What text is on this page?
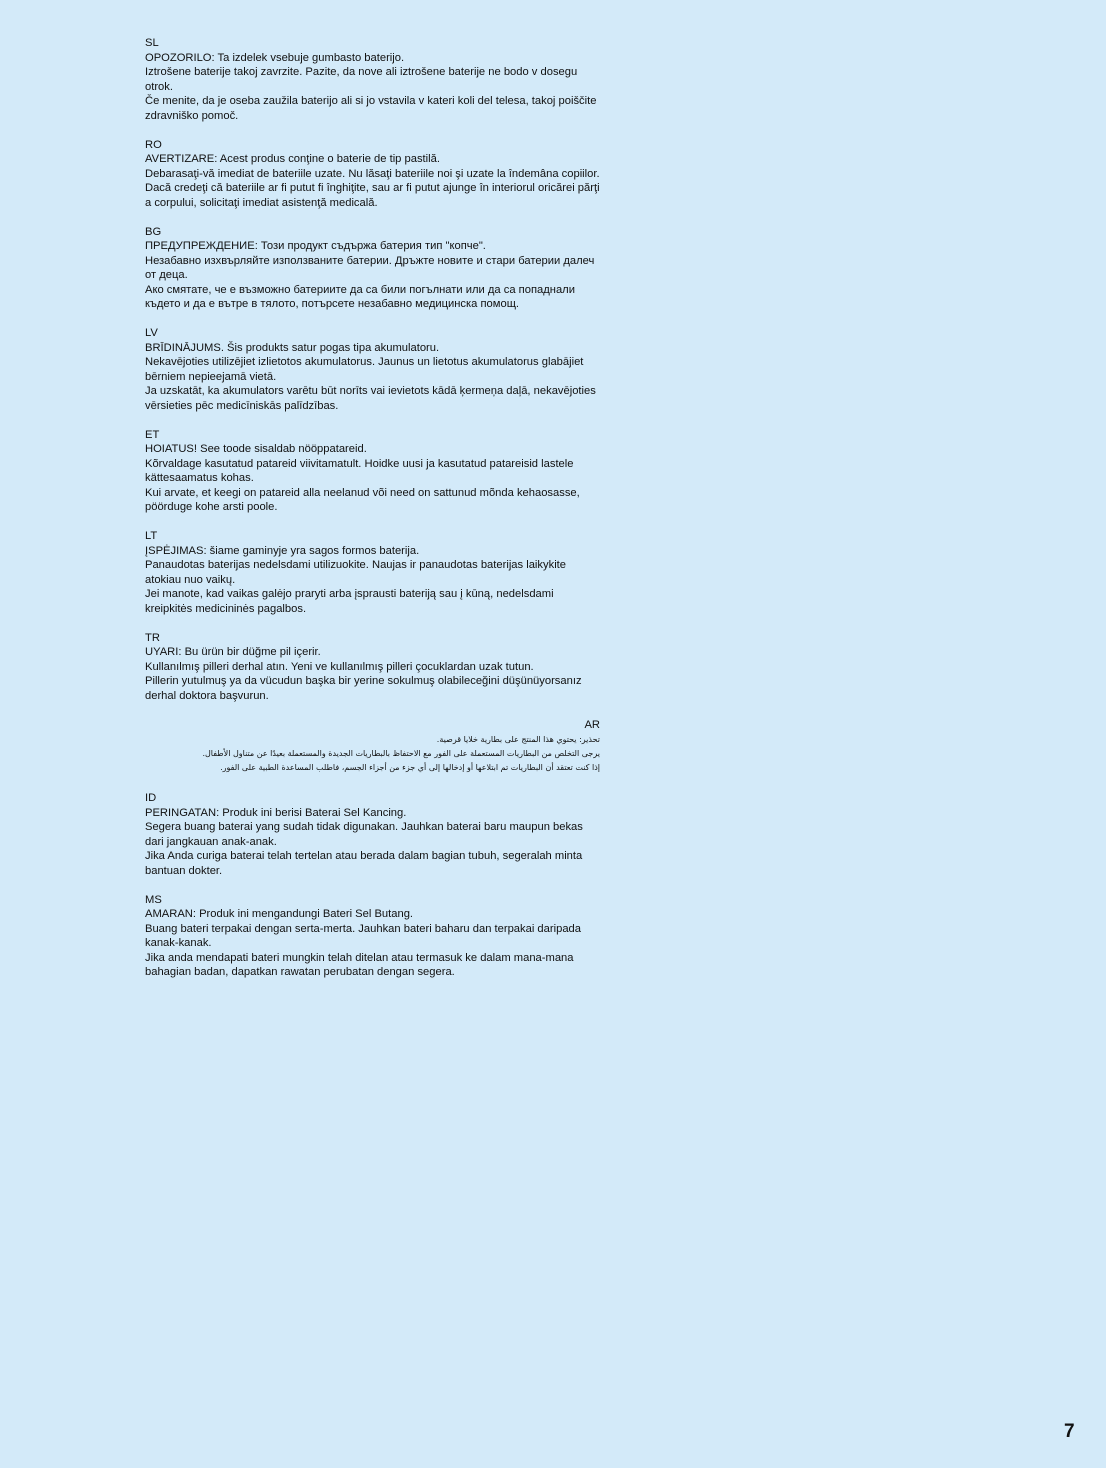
SL

OPOZORILO: Ta izdelek vsebuje gumbasto baterijo.

Iztrošene baterije takoj zavrzite. Pazite, da nove ali iztrošene baterije ne bodo v dosegu otrok.

Če menite, da je oseba zaužila baterijo ali si jo vstavila v kateri koli del telesa, takoj poiščite zdravniško pomoč.

RO

AVERTIZARE: Acest produs conţine o baterie de tip pastilă.

Debarasaţi-vă imediat de bateriile uzate. Nu lăsaţi bateriile noi şi uzate la îndemâna copiilor.

Dacă credeţi că bateriile ar fi putut fi înghiţite, sau ar fi putut ajunge în interiorul oricărei părţi a corpului, solicitaţi imediat asistenţă medicală.

BG

ПРЕДУПРЕЖДЕНИЕ: Този продукт съдържа батерия тип "копче".

Незабавно изхвърляйте използваните батерии. Дръжте новите и стари батерии далеч от деца.

Ако смятате, че е възможно батериите да са били погълнати или да са попаднали където и да е вътре в тялото, потърсете незабавно медицинска помощ.

LV

BRĪDINĀJUMS. Šis produkts satur pogas tipa akumulatoru.

Nekavējoties utilizējiet izlietotos akumulatorus. Jaunus un lietotus akumulatorus glabājiet bērniem nepieejamā vietā.

Ja uzskatāt, ka akumulators varētu būt norīts vai ievietots kādā ķermeņa daļā, nekavējoties vērsieties pēc medicīniskās palīdzības.

ET

HOIATUS! See toode sisaldab nööppatareid.

Kõrvaldage kasutatud patareid viivitamatult. Hoidke uusi ja kasutatud patareisid lastele kättesaamatus kohas.

Kui arvate, et keegi on patareid alla neelanud või need on sattunud mõnda kehaosasse, pöörduge kohe arsti poole.

LT

ĮSPĖJIMAS: šiame gaminyje yra sagos formos baterija.

Panaudotas baterijas nedelsdami utilizuokite. Naujas ir panaudotas baterijas laikykite atokiau nuo vaikų.

Jei manote, kad vaikas galėjo praryti arba įsprausti bateriją sau į kūną, nedelsdami kreipkitės medicininės pagalbos.

TR

UYARI: Bu ürün bir düğme pil içerir.

Kullanılmış pilleri derhal atın. Yeni ve kullanılmış pilleri çocuklardan uzak tutun.

Pillerin yutulmuş ya da vücudun başka bir yerine sokulmuş olabileceğini düşünüyorsanız derhal doktora başvurun.

AR

تحذير: يحتوي هذا المنتج على بطارية خلايا قرصية.

يرجى التخلص من البطاريات المستعملة على الفور مع الاحتفاظ بالبطاريات الجديدة والمستعملة بعيدًا عن متناول الأطفال.

إذا كنت تعتقد أن البطاريات تم ابتلاعها أو إدخالها إلى أي جزء من أجزاء الجسم، فاطلب المساعدة الطبية على الفور.

ID

PERINGATAN: Produk ini berisi Baterai Sel Kancing.

Segera buang baterai yang sudah tidak digunakan. Jauhkan baterai baru maupun bekas dari jangkauan anak-anak.

Jika Anda curiga baterai telah tertelan atau berada dalam bagian tubuh, segeralah minta bantuan dokter.

MS

AMARAN: Produk ini mengandungi Bateri Sel Butang.

Buang bateri terpakai dengan serta-merta. Jauhkan bateri baharu dan terpakai daripada kanak-kanak.

Jika anda mendapati bateri mungkin telah ditelan atau termasuk ke dalam mana-mana bahagian badan, dapatkan rawatan perubatan dengan segera.

7
